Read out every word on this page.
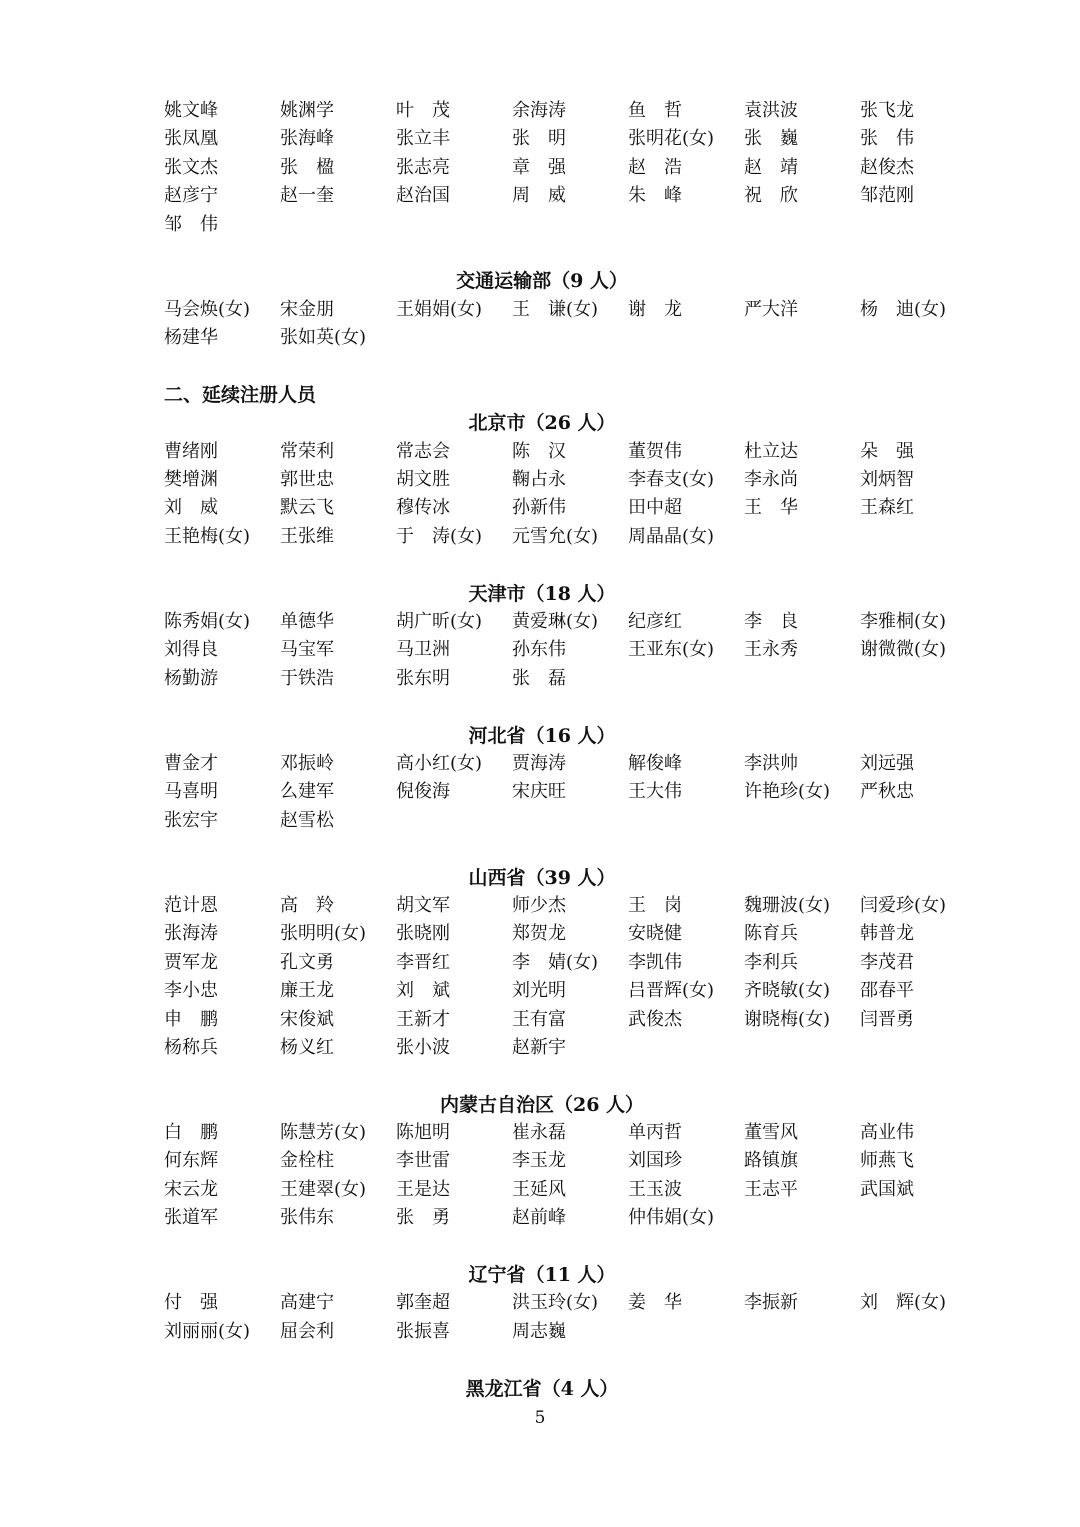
姚文峰	姚渊学	叶　茂	余海涛	鱼　哲	袁洪波	张飞龙
张凤凰	张海峰	张立丰	张　明	张明花(女)	张　巍	张　伟
张文杰	张　楹	张志亮	章　强	赵　浩	赵　靖	赵俊杰
赵彦宁	赵一奎	赵治国	周　威	朱　峰	祝　欣	邹范刚
邹　伟
交通运输部（9 人）
马会焕(女)	宋金朋	王娟娟(女)	王　谦(女)	谢　龙	严大洋	杨　迪(女)
杨建华	张如英(女)
二、延续注册人员
北京市（26 人）
曹绪刚	常荣利	常志会	陈　汉	董贺伟	杜立达	朵　强
樊增渊	郭世忠	胡文胜	鞠占永	李春支(女)	李永尚	刘炳智
刘　威	默云飞	穆传冰	孙新伟	田中超	王　华	王森红
王艳梅(女)	王张维	于　涛(女)	元雪允(女)	周晶晶(女)
天津市（18 人）
陈秀娟(女)	单德华	胡广昕(女)	黄爱琳(女)	纪彦红	李　良	李雅桐(女)
刘得良	马宝军	马卫洲	孙东伟	王亚东(女)	王永秀	谢微微(女)
杨勤游	于铁浩	张东明	张　磊
河北省（16 人）
曹金才	邓振岭	高小红(女)	贾海涛	解俊峰	李洪帅	刘远强
马喜明	么建军	倪俊海	宋庆旺	王大伟	许艳珍(女)	严秋忠
张宏宇	赵雪松
山西省（39 人）
范计恩	高　羚	胡文军	师少杰	王　岗	魏珊波(女)	闫爱珍(女)
张海涛	张明明(女)	张晓刚	郑贺龙	安晓健	陈育兵	韩普龙
贾军龙	孔文勇	李晋红	李　婧(女)	李凯伟	李利兵	李茂君
李小忠	廉王龙	刘　斌	刘光明	吕晋辉(女)	齐晓敏(女)	邵春平
申　鹏	宋俊斌	王新才	王有富	武俊杰	谢晓梅(女)	闫晋勇
杨称兵	杨义红	张小波	赵新宇
内蒙古自治区（26 人）
白　鹏	陈慧芳(女)	陈旭明	崔永磊	单丙哲	董雪风	高业伟
何东辉	金栓柱	李世雷	李玉龙	刘国珍	路镇旗	师燕飞
宋云龙	王建翠(女)	王是达	王延风	王玉波	王志平	武国斌
张道军	张伟东	张　勇	赵前峰	仲伟娟(女)
辽宁省（11 人）
付　强	高建宁	郭奎超	洪玉玲(女)	姜　华	李振新	刘　辉(女)
刘丽丽(女)	屈会利	张振喜	周志巍
黑龙江省（4 人）
5
